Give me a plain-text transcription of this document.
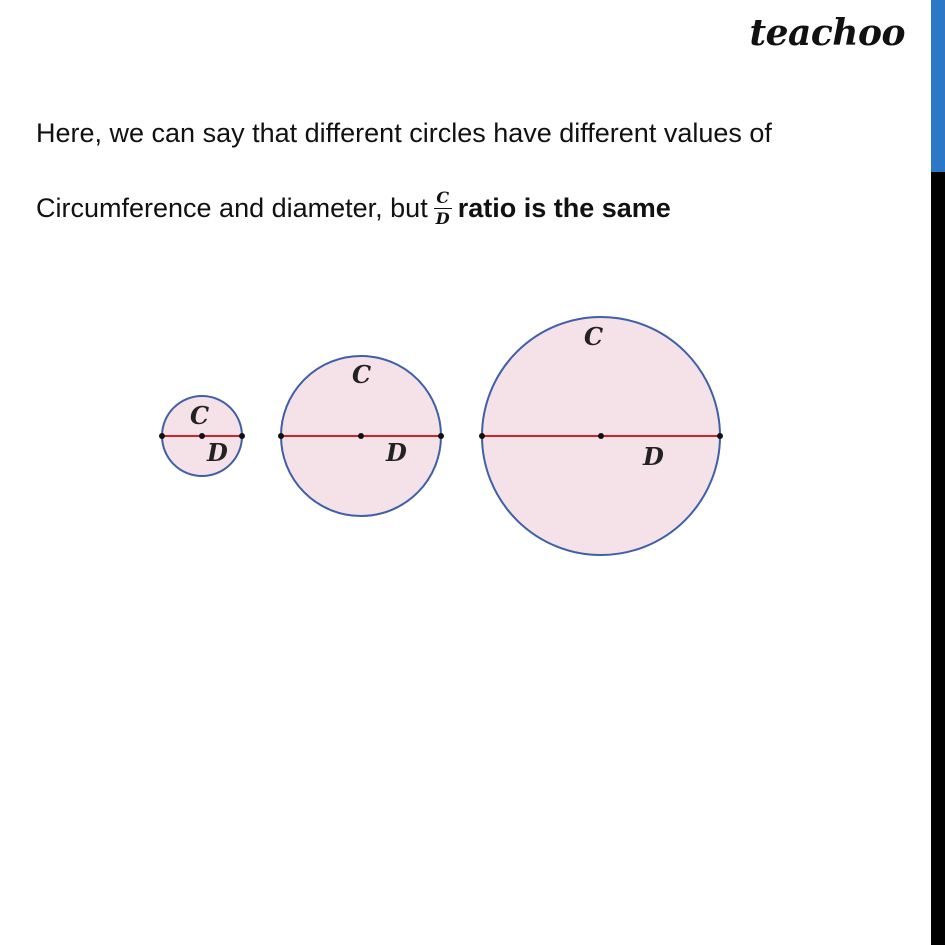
teachoo
Here, we can say that different circles have different values of
Circumference and diameter, but $\frac{C}{D}$ ratio is the same
C
D
C
D
C
D
